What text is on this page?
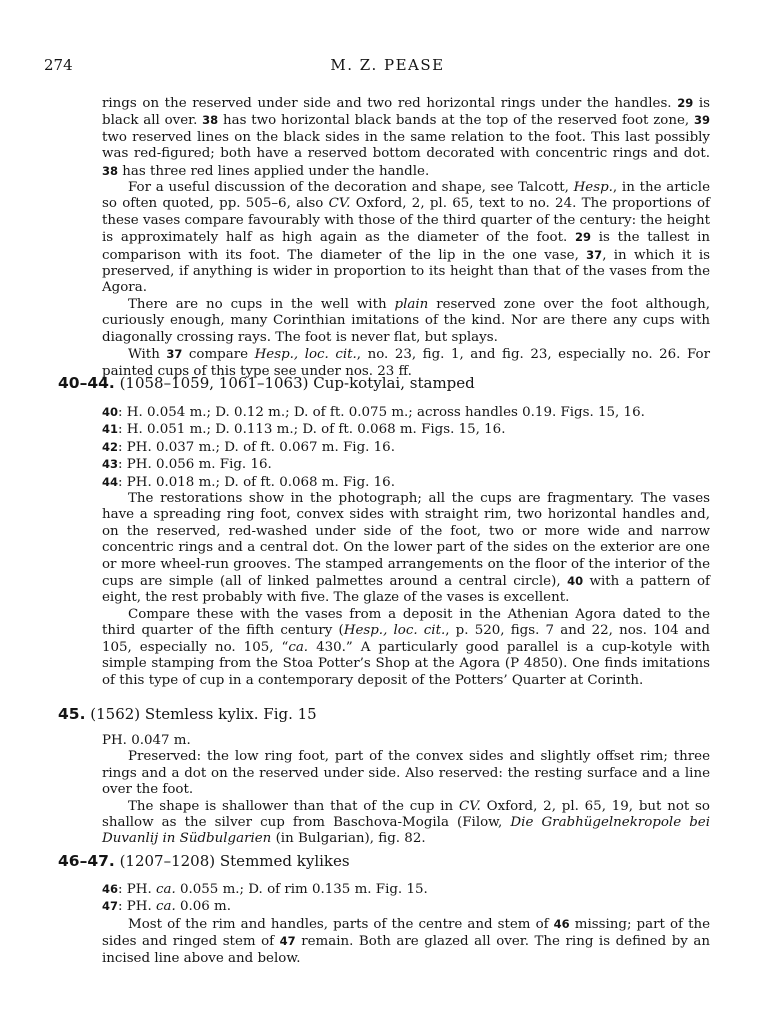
274	M. Z. PEASE

rings on the reserved under side and two red horizontal rings under the handles. 29 is black all over. 38 has two horizontal black bands at the top of the reserved foot zone, 39 two reserved lines on the black sides in the same relation to the foot. This last possibly was red-figured; both have a reserved bottom decorated with concentric rings and dot. 38 has three red lines applied under the handle.

For a useful discussion of the decoration and shape, see Talcott, Hesp., in the article so often quoted, pp. 505–6, also CV. Oxford, 2, pl. 65, text to no. 24. The proportions of these vases compare favourably with those of the third quarter of the century: the height is approximately half as high again as the diameter of the foot. 29 is the tallest in comparison with its foot. The diameter of the lip in the one vase, 37, in which it is preserved, if anything is wider in proportion to its height than that of the vases from the Agora.

There are no cups in the well with plain reserved zone over the foot although, curiously enough, many Corinthian imitations of the kind. Nor are there any cups with diagonally crossing rays. The foot is never flat, but splays.

With 37 compare Hesp., loc. cit., no. 23, fig. 1, and fig. 23, especially no. 26. For painted cups of this type see under nos. 23 ff.

40–44. (1058–1059, 1061–1063) Cup-kotylai, stamped

40: H. 0.054 m.; D. 0.12 m.; D. of ft. 0.075 m.; across handles 0.19. Figs. 15, 16.

41: H. 0.051 m.; D. 0.113 m.; D. of ft. 0.068 m. Figs. 15, 16.

42: PH. 0.037 m.; D. of ft. 0.067 m. Fig. 16.

43: PH. 0.056 m. Fig. 16.

44: PH. 0.018 m.; D. of ft. 0.068 m. Fig. 16.

The restorations show in the photograph; all the cups are fragmentary. The vases have a spreading ring foot, convex sides with straight rim, two horizontal handles and, on the reserved, red-washed under side of the foot, two or more wide and narrow concentric rings and a central dot. On the lower part of the sides on the exterior are one or more wheel-run grooves. The stamped arrangements on the floor of the interior of the cups are simple (all of linked palmettes around a central circle), 40 with a pattern of eight, the rest probably with five. The glaze of the vases is excellent.

Compare these with the vases from a deposit in the Athenian Agora dated to the third quarter of the fifth century (Hesp., loc. cit., p. 520, figs. 7 and 22, nos. 104 and 105, especially no. 105, “ca. 430.” A particularly good parallel is a cup-kotyle with simple stamping from the Stoa Potter’s Shop at the Agora (P 4850). One finds imitations of this type of cup in a contemporary deposit of the Potters’ Quarter at Corinth.

45. (1562) Stemless kylix. Fig. 15

PH. 0.047 m.

Preserved: the low ring foot, part of the convex sides and slightly offset rim; three rings and a dot on the reserved under side. Also reserved: the resting surface and a line over the foot.

The shape is shallower than that of the cup in CV. Oxford, 2, pl. 65, 19, but not so shallow as the silver cup from Baschova-Mogila (Filow, Die Grabhügelnekropole bei Duvanlij in Südbulgarien (in Bulgarian), fig. 82.

46–47. (1207–1208) Stemmed kylikes

46: PH. ca. 0.055 m.; D. of rim 0.135 m. Fig. 15.

47: PH. ca. 0.06 m.

Most of the rim and handles, parts of the centre and stem of 46 missing; part of the sides and ringed stem of 47 remain. Both are glazed all over. The ring is defined by an incised line above and below.
